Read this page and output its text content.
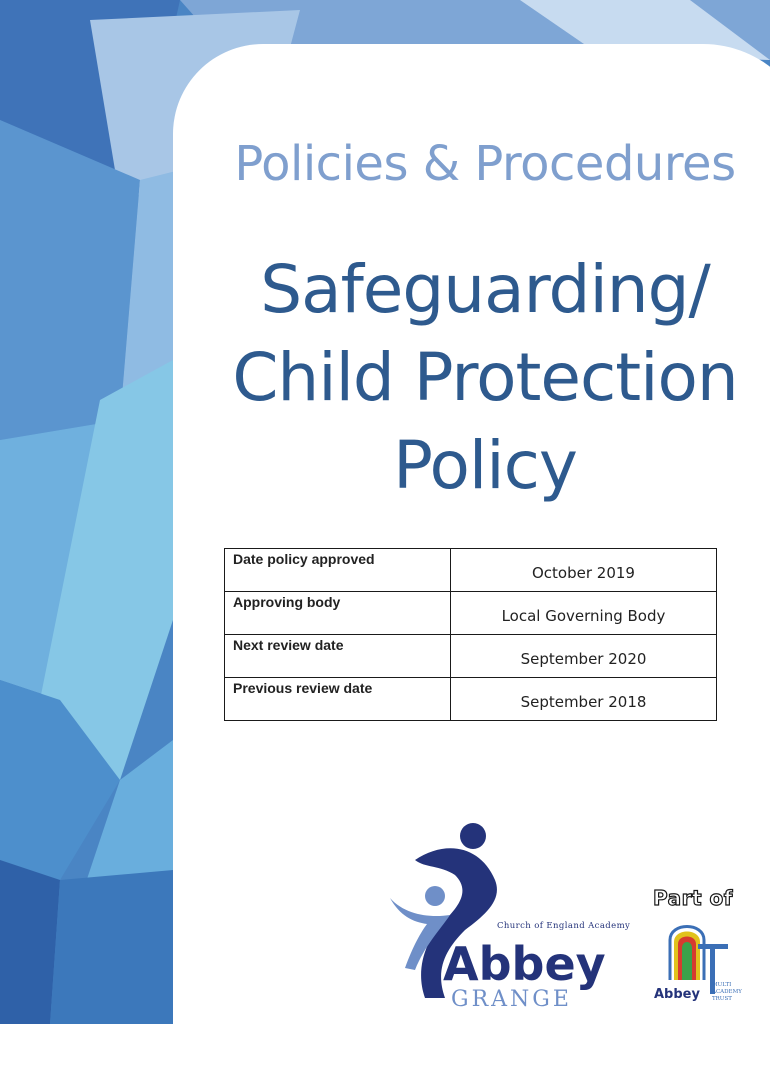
Policies & Procedures
Safeguarding/
Child Protection
Policy
Date policy approved	October 2019
Approving body	Local Governing Body
Next review date	September 2020
Previous review date	September 2018
Church of England Academy
Abbey
GRANGE
Part of
Abbey
MULTI
ACADEMY
TRUST
